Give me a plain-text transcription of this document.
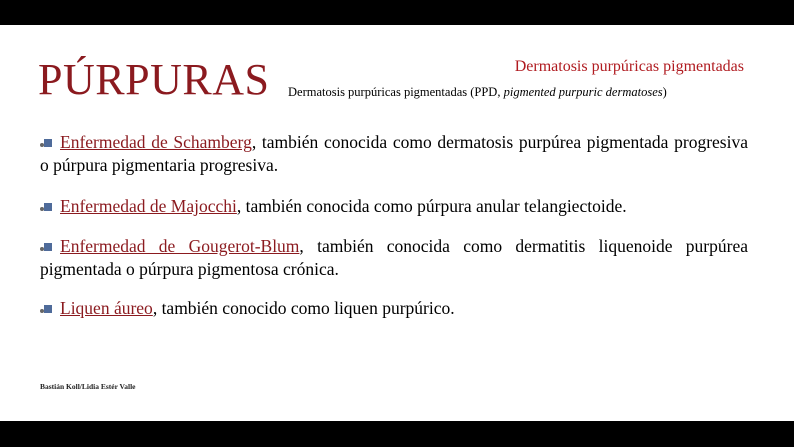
PÚRPURAS	Dermatosis purpúricas pigmentadas
Dermatosis purpúricas pigmentadas (PPD, pigmented purpuric dermatoses)
Enfermedad de Schamberg, también conocida como dermatosis purpúrea pigmentada progresiva o púrpura pigmentaria progresiva.
Enfermedad de Majocchi, también conocida como púrpura anular telangiectoide.
Enfermedad de Gougerot-Blum, también conocida como dermatitis liquenoide purpúrea pigmentada o púrpura pigmentosa crónica.
Liquen áureo, también conocido como liquen purpúrico.
Bastián Koll/Lidia Estér Valle
